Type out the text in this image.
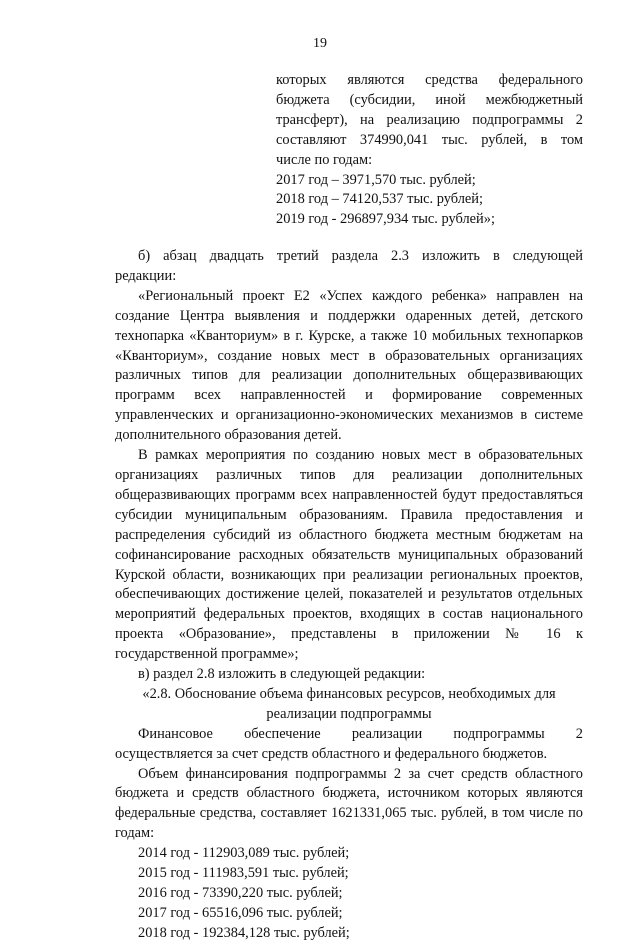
19

которых являются средства федерального

бюджета (субсидии, иной межбюджетный

трансферт), на реализацию подпрограммы 2

составляют 374990,041 тыс. рублей, в том

числе по годам:

2017 год – 3971,570 тыс. рублей;

2018 год – 74120,537 тыс. рублей;

2019 год - 296897,934 тыс. рублей»;

б) абзац двадцать третий раздела 2.3 изложить в следующей

редакции:

«Региональный проект Е2 «Успех каждого ребенка» направлен на

создание Центра выявления и поддержки одаренных детей, детского

технопарка «Кванториум» в г. Курске, а также 10 мобильных технопарков

«Кванториум», создание новых мест в образовательных организациях

различных типов для реализации дополнительных общеразвивающих

программ всех направленностей и формирование современных

управленческих и организационно-экономических механизмов в системе

дополнительного образования детей.

В рамках мероприятия по созданию новых мест в образовательных

организациях различных типов для реализации дополнительных

общеразвивающих программ всех направленностей будут предоставляться

субсидии муниципальным образованиям. Правила предоставления и

распределения субсидий из областного бюджета местным бюджетам на

софинансирование расходных обязательств муниципальных образований

Курской области, возникающих при реализации региональных проектов,

обеспечивающих достижение целей, показателей и результатов отдельных

мероприятий федеральных проектов, входящих в состав национального

проекта «Образование», представлены в приложении № 16 к

государственной программе»;

в) раздел 2.8 изложить в следующей редакции:

«2.8. Обоснование объема финансовых ресурсов, необходимых для

реализации подпрограммы

Финансовое обеспечение реализации подпрограммы 2

осуществляется за счет средств областного и федерального бюджетов.

Объем финансирования подпрограммы 2 за счет средств областного

бюджета и средств областного бюджета, источником которых являются

федеральные средства, составляет 1621331,065 тыс. рублей, в том числе по

годам:

2014 год - 112903,089 тыс. рублей;

2015 год - 111983,591 тыс. рублей;

2016 год - 73390,220 тыс. рублей;

2017 год - 65516,096 тыс. рублей;

2018 год - 192384,128 тыс. рублей;
